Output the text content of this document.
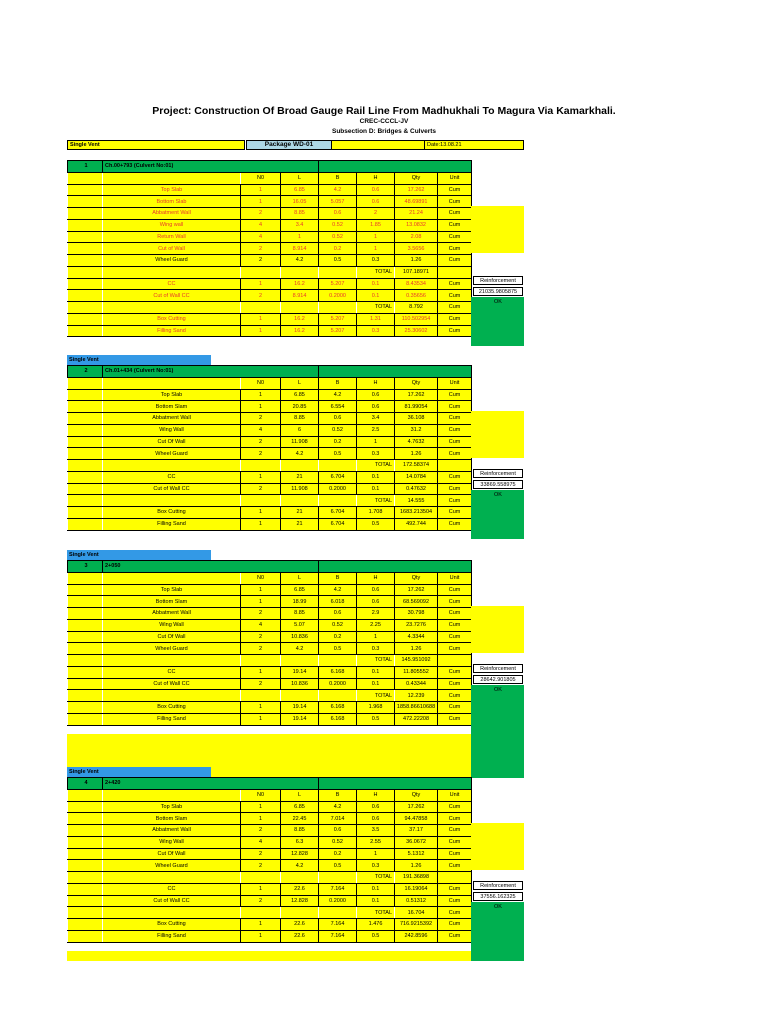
Project: Construction Of Broad Gauge Rail Line From Madhukhali To Magura Via Kamarkhali.
CREC-CCCL-JV
Subsection D: Bridges & Culverts
Single Vent	Package WD-01	Date:13.08.21
1	Ch.00+793 (Culvert No:01)						
		N0	L	B	H	Qty	Unit
	Top Slab	1	6.85	4.2	0.6	17.262	Cum
	Bottom Slab	1	16.05	5.057	0.6	48.69891	Cum
	Abbatment Wall	2	8.85	0.6	2	21.24	Cum
	Wing wall	4	3.4	0.52	1.85	13.0832	Cum
	Return Wall	4	1	0.52	1	2.08	Cum
	Cut of Wall	2	8.914	0.2	1	3.5656	Cum
	Wheel Guard	2	4.2	0.5	0.3	1.26	Cum
					TOTAL	107.18971	
	CC	1	16.2	5.207	0.1	8.43534	Cum
	Cut of Wall CC	2	8.914	0.2000	0.1	0.35656	Cum
					TOTAL	8.792	Cum
	Box Cutting	1	16.2	5.207	1.31	110.502954	Cum
	Filling Sand	1	16.2	5.207	0.3	25.30602	Cum
Reinforcement
21035.9805875
OK
Single Vent
2	Ch.01+434 (Culvert No:01)						
		N0	L	B	H	Qty	Unit
	Top Slab	1	6.85	4.2	0.6	17.262	Cum
	Bottom Slam	1	20.85	6.554	0.6	81.99054	Cum
	Abbatment Wall	2	8.85	0.6	3.4	36.108	Cum
	Wing Wall	4	6	0.52	2.5	31.2	Cum
	Cut Of Wall	2	11.908	0.2	1	4.7632	Cum
	Wheel Guard	2	4.2	0.5	0.3	1.26	Cum
					TOTAL	172.58374	
	CC	1	21	6.704	0.1	14.0784	Cum
	Cut of Wall CC	2	11.908	0.2000	0.1	0.47632	Cum
					TOTAL	14.555	Cum
	Box Cutting	1	21	6.704	1.708	1683.213504	Cum
	Filling Sand	1	21	6.704	0.5	492.744	Cum
Reinforcement
33869.558975
OK
Single Vent
3	2+050						
		N0	L	B	H	Qty	Unit
	Top Slab	1	6.85	4.2	0.6	17.262	Cum
	Bottom Slam	1	18.99	6.018	0.6	68.569092	Cum
	Abbatment Wall	2	8.85	0.6	2.9	30.798	Cum
	Wing Wall	4	5.07	0.52	2.25	23.7276	Cum
	Cut Of Wall	2	10.836	0.2	1	4.3344	Cum
	Wheel Guard	2	4.2	0.5	0.3	1.26	Cum
					TOTAL	145.951092	
	CC	1	19.14	6.168	0.1	11.805552	Cum
	Cut of Wall CC	2	10.836	0.2000	0.1	0.43344	Cum
					TOTAL	12.239	Cum
	Box Cutting	1	19.14	6.168	1.968	1858.86610688	Cum
	Filling Sand	1	19.14	6.168	0.5	472.22208	Cum
Reinforcement
28642.901805
OK
Single Vent
4	2+420						
		N0	L	B	H	Qty	Unit
	Top Slab	1	6.85	4.2	0.6	17.262	Cum
	Bottom Slam	1	22.45	7.014	0.6	94.47858	Cum
	Abbatment Wall	2	8.85	0.6	3.5	37.17	Cum
	Wing Wall	4	6.3	0.52	2.55	36.0672	Cum
	Cut Of Wall	2	12.828	0.2	1	5.1312	Cum
	Wheel Guard	2	4.2	0.5	0.3	1.26	Cum
					TOTAL	191.36898	
	CC	1	22.6	7.164	0.1	16.19064	Cum
	Cut of Wall CC	2	12.828	0.2000	0.1	0.51312	Cum
					TOTAL	16.704	Cum
	Box Cutting	1	22.6	7.164	1.476	716.9215392	Cum
	Filling Sand	1	22.6	7.164	0.5	242.8596	Cum
Reinforcement
37556.162325
OK
